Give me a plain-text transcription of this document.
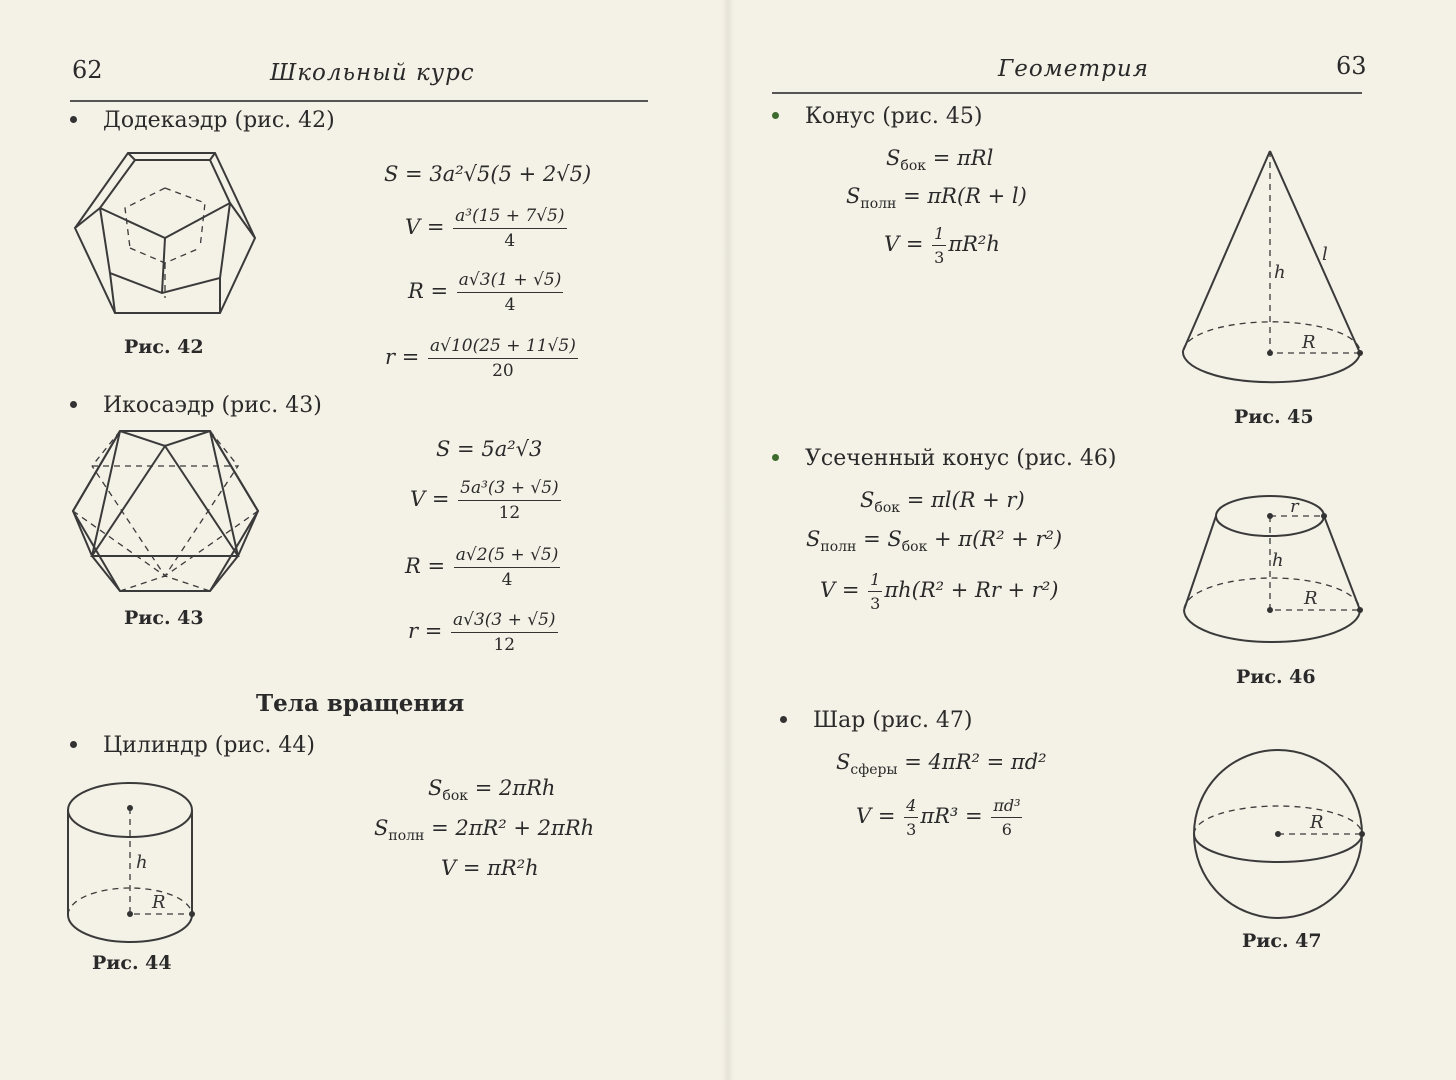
62	Школьный курс
Додекаэдр (рис. 42)
Рис. 42
S = 3a²√5(5 + 2√5)
$V = \frac{\text{a³(15 + 7√5)}}{4}$
$R = \frac{a√3(1 + √5)}{4}$
$r = \frac{a√10(25 + 11√5)}{20}$
Икосаэдр (рис. 43)
Рис. 43
S = 5a²√3
$V = \frac{\text{5a³(3 + √5)}}{12}$
$R = \frac{a√2(5 + √5)}{4}$
$r = \frac{a√3(3 + √5)}{12}$
Тела вращения
Цилиндр (рис. 44)
h
R
Рис. 44
$S_{бок} = 2\pi Rh$
$S_{полн} = 2\pi R^2 + 2\pi Rh$
V = πR²h
Геометрия	63
Конус (рис. 45)
$S_{бок} = \pi Rl$
$S_{полн} = \pi R(R + l)$
$V = \frac{1}{3} \pi R^2h$
h
l
R
Рис. 45
Усеченный конус (рис. 46)
$S_{бок} = \pi l(R + r)$
$S_{полн} = S_{бок} + \pi(R^2 + r^2)$
$V = \frac{1}{3} \pi h(R^2 + Rr + r^2)$
r
h
R
Рис. 46
Шар (рис. 47)
$S_{сферы} = 4\pi R^2 = \pi d^2$
$V = \frac{4}{3} \pi R^3 = \frac{\text{πd³}}{6}$	R
Рис. 47
